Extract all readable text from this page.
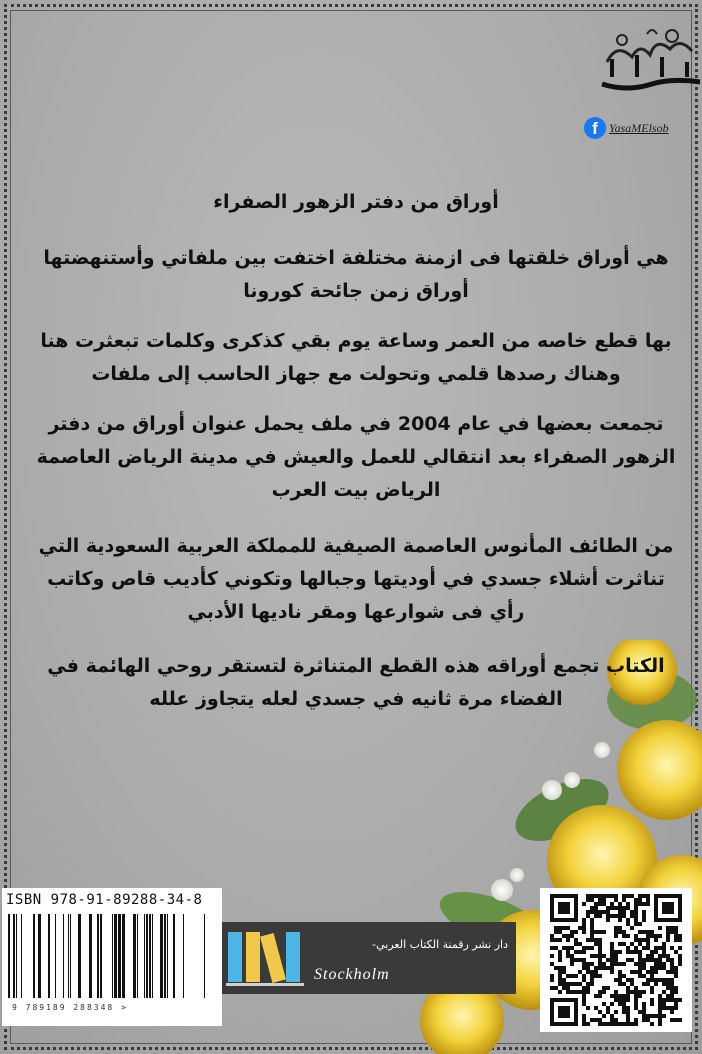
f YasaMElsob
أوراق من دفتر الزهور الصفراء
هي أوراق خلقتها فى ازمنة مختلفة اختفت بين ملفاتي وأستنهضتها أوراق زمن جائحة كورونا
بها قطع خاصه من العمر وساعة يوم بقي كذكرى وكلمات تبعثرت هنا وهناك رصدها قلمي وتحولت مع جهاز الحاسب إلى ملفات
تجمعت بعضها في عام 2004 في ملف يحمل عنوان أوراق من دفتر الزهور الصفراء بعد انتقالي للعمل والعيش في مدينة الرياض العاصمة الرياض بيت العرب
من الطائف المأنوس العاصمة الصيفية للمملكة العربية السعودية التي تناثرت أشلاء جسدي في أوديتها وجبالها وتكوني كأديب قاص وكاتب رأي فى شوارعها ومقر ناديها الأدبي
الكتاب تجمع أوراقه هذه القطع المتناثرة لتستقر روحي الهائمة في الفضاء مرة ثانيه في جسدي لعله يتجاوز علله
ISBN 978-91-89288-34-8
9 789189 288348 >
دار نشر رقمنة الكتاب العربي-
Stockholm
